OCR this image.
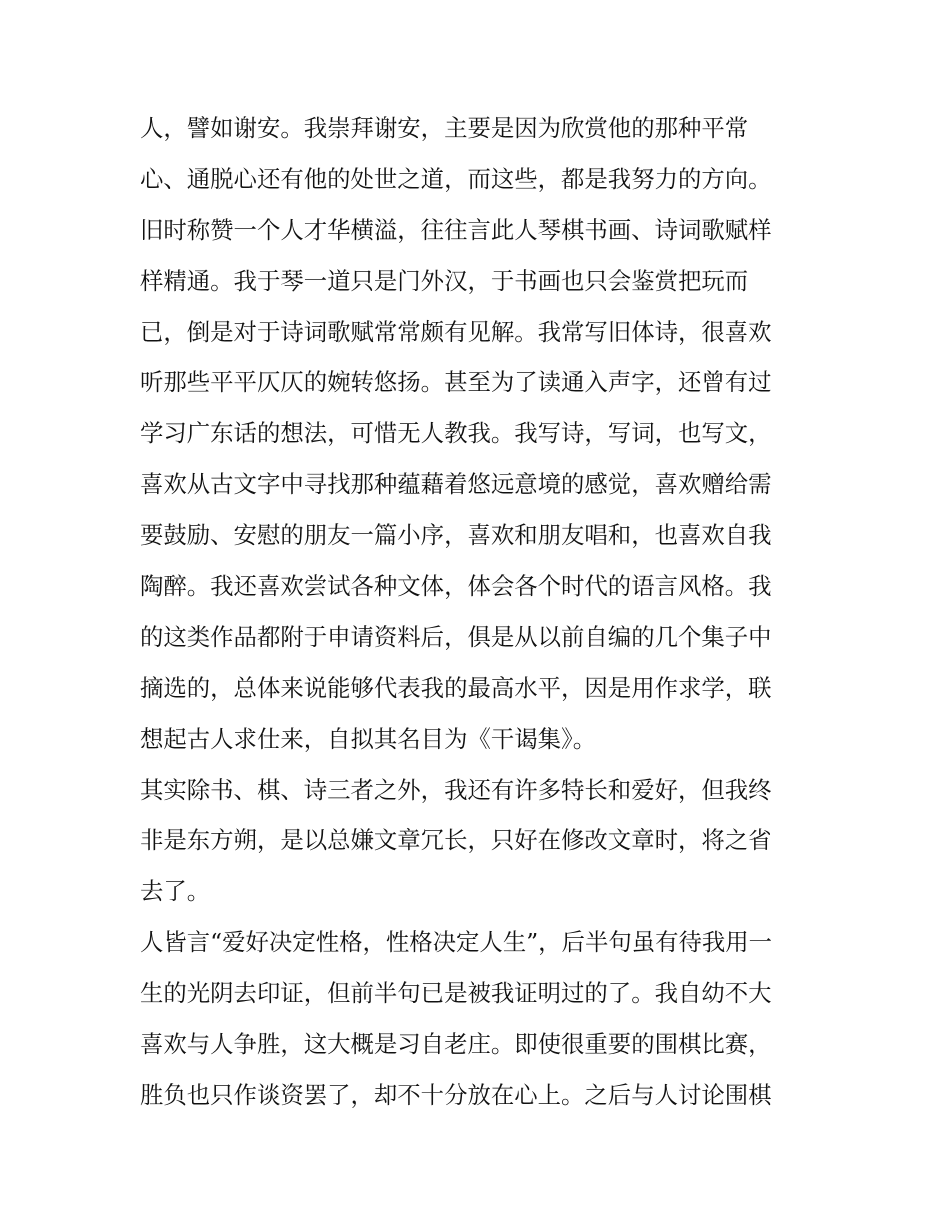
人，譬如谢安。我崇拜谢安，主要是因为欣赏他的那种平常
心、通脱心还有他的处世之道，而这些，都是我努力的方向。
旧时称赞一个人才华横溢，往往言此人琴棋书画、诗词歌赋样
样精通。我于琴一道只是门外汉，于书画也只会鉴赏把玩而
已，倒是对于诗词歌赋常常颇有见解。我常写旧体诗，很喜欢
听那些平平仄仄的婉转悠扬。甚至为了读通入声字，还曾有过
学习广东话的想法，可惜无人教我。我写诗，写词，也写文，
喜欢从古文字中寻找那种蕴藉着悠远意境的感觉，喜欢赠给需
要鼓励、安慰的朋友一篇小序，喜欢和朋友唱和，也喜欢自我
陶醉。我还喜欢尝试各种文体，体会各个时代的语言风格。我
的这类作品都附于申请资料后，俱是从以前自编的几个集子中
摘选的，总体来说能够代表我的最高水平，因是用作求学，联
想起古人求仕来，自拟其名目为《干谒集》。
其实除书、棋、诗三者之外，我还有许多特长和爱好，但我终
非是东方朔，是以总嫌文章冗长，只好在修改文章时，将之省
去了。
人皆言“爱好决定性格，性格决定人生”，后半句虽有待我用一
生的光阴去印证，但前半句已是被我证明过的了。我自幼不大
喜欢与人争胜，这大概是习自老庄。即使很重要的围棋比赛，
胜负也只作谈资罢了，却不十分放在心上。之后与人讨论围棋
